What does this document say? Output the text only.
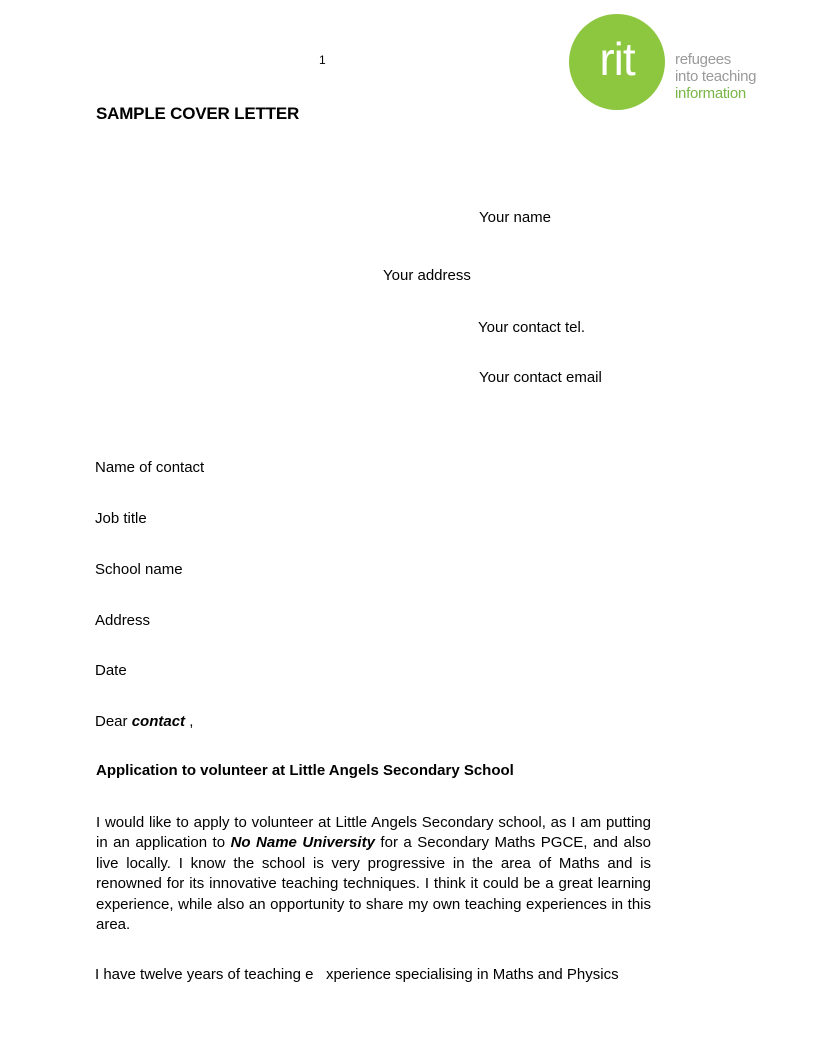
1	rit	refugees
into teaching
information
SAMPLE COVER LETTER
Your name
Your address
Your contact tel.
Your contact email
Name of contact
Job title
School name
Address
Date
Dear contact ,
Application to volunteer at Little Angels Secondary School
I would like to apply to volunteer at Little Angels Secondary school, as I am putting in an application to No Name University for a Secondary Maths PGCE, and also live locally. I know the school is very progressive in the area of Maths and is renowned for its innovative teaching techniques. I think it could be a great learning experience, while also an opportunity to share my own teaching experiences in this area.
I have twelve years of teaching e   xperience specialising in Maths and Physics
